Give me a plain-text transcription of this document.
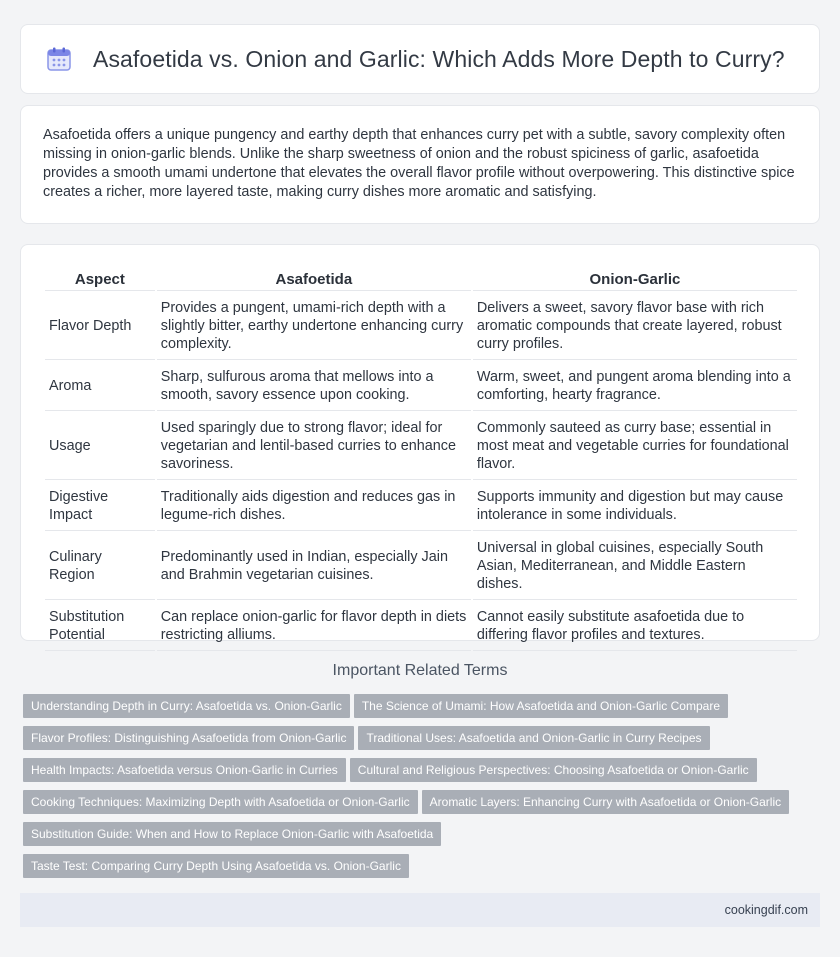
Asafoetida vs. Onion and Garlic: Which Adds More Depth to Curry?

Asafoetida offers a unique pungency and earthy depth that enhances curry pet with a subtle, savory complexity often missing in onion-garlic blends. Unlike the sharp sweetness of onion and the robust spiciness of garlic, asafoetida provides a smooth umami undertone that elevates the overall flavor profile without overpowering. This distinctive spice creates a richer, more layered taste, making curry dishes more aromatic and satisfying.

Aspect	Asafoetida	Onion-Garlic
Flavor Depth	Provides a pungent, umami-rich depth with a slightly bitter, earthy undertone enhancing curry complexity.	Delivers a sweet, savory flavor base with rich aromatic compounds that create layered, robust curry profiles.
Aroma	Sharp, sulfurous aroma that mellows into a smooth, savory essence upon cooking.	Warm, sweet, and pungent aroma blending into a comforting, hearty fragrance.
Usage	Used sparingly due to strong flavor; ideal for vegetarian and lentil-based curries to enhance savoriness.	Commonly sauteed as curry base; essential in most meat and vegetable curries for foundational flavor.
Digestive Impact	Traditionally aids digestion and reduces gas in legume-rich dishes.	Supports immunity and digestion but may cause intolerance in some individuals.
Culinary Region	Predominantly used in Indian, especially Jain and Brahmin vegetarian cuisines.	Universal in global cuisines, especially South Asian, Mediterranean, and Middle Eastern dishes.
Substitution Potential	Can replace onion-garlic for flavor depth in diets restricting alliums.	Cannot easily substitute asafoetida due to differing flavor profiles and textures.
Important Related Terms
Understanding Depth in Curry: Asafoetida vs. Onion-Garlic The Science of Umami: How Asafoetida and Onion-Garlic Compare
Flavor Profiles: Distinguishing Asafoetida from Onion-Garlic Traditional Uses: Asafoetida and Onion-Garlic in Curry Recipes
Health Impacts: Asafoetida versus Onion-Garlic in Curries Cultural and Religious Perspectives: Choosing Asafoetida or Onion-Garlic
Cooking Techniques: Maximizing Depth with Asafoetida or Onion-Garlic Aromatic Layers: Enhancing Curry with Asafoetida or Onion-Garlic
Substitution Guide: When and How to Replace Onion-Garlic with Asafoetida
Taste Test: Comparing Curry Depth Using Asafoetida vs. Onion-Garlic
cookingdif.com
